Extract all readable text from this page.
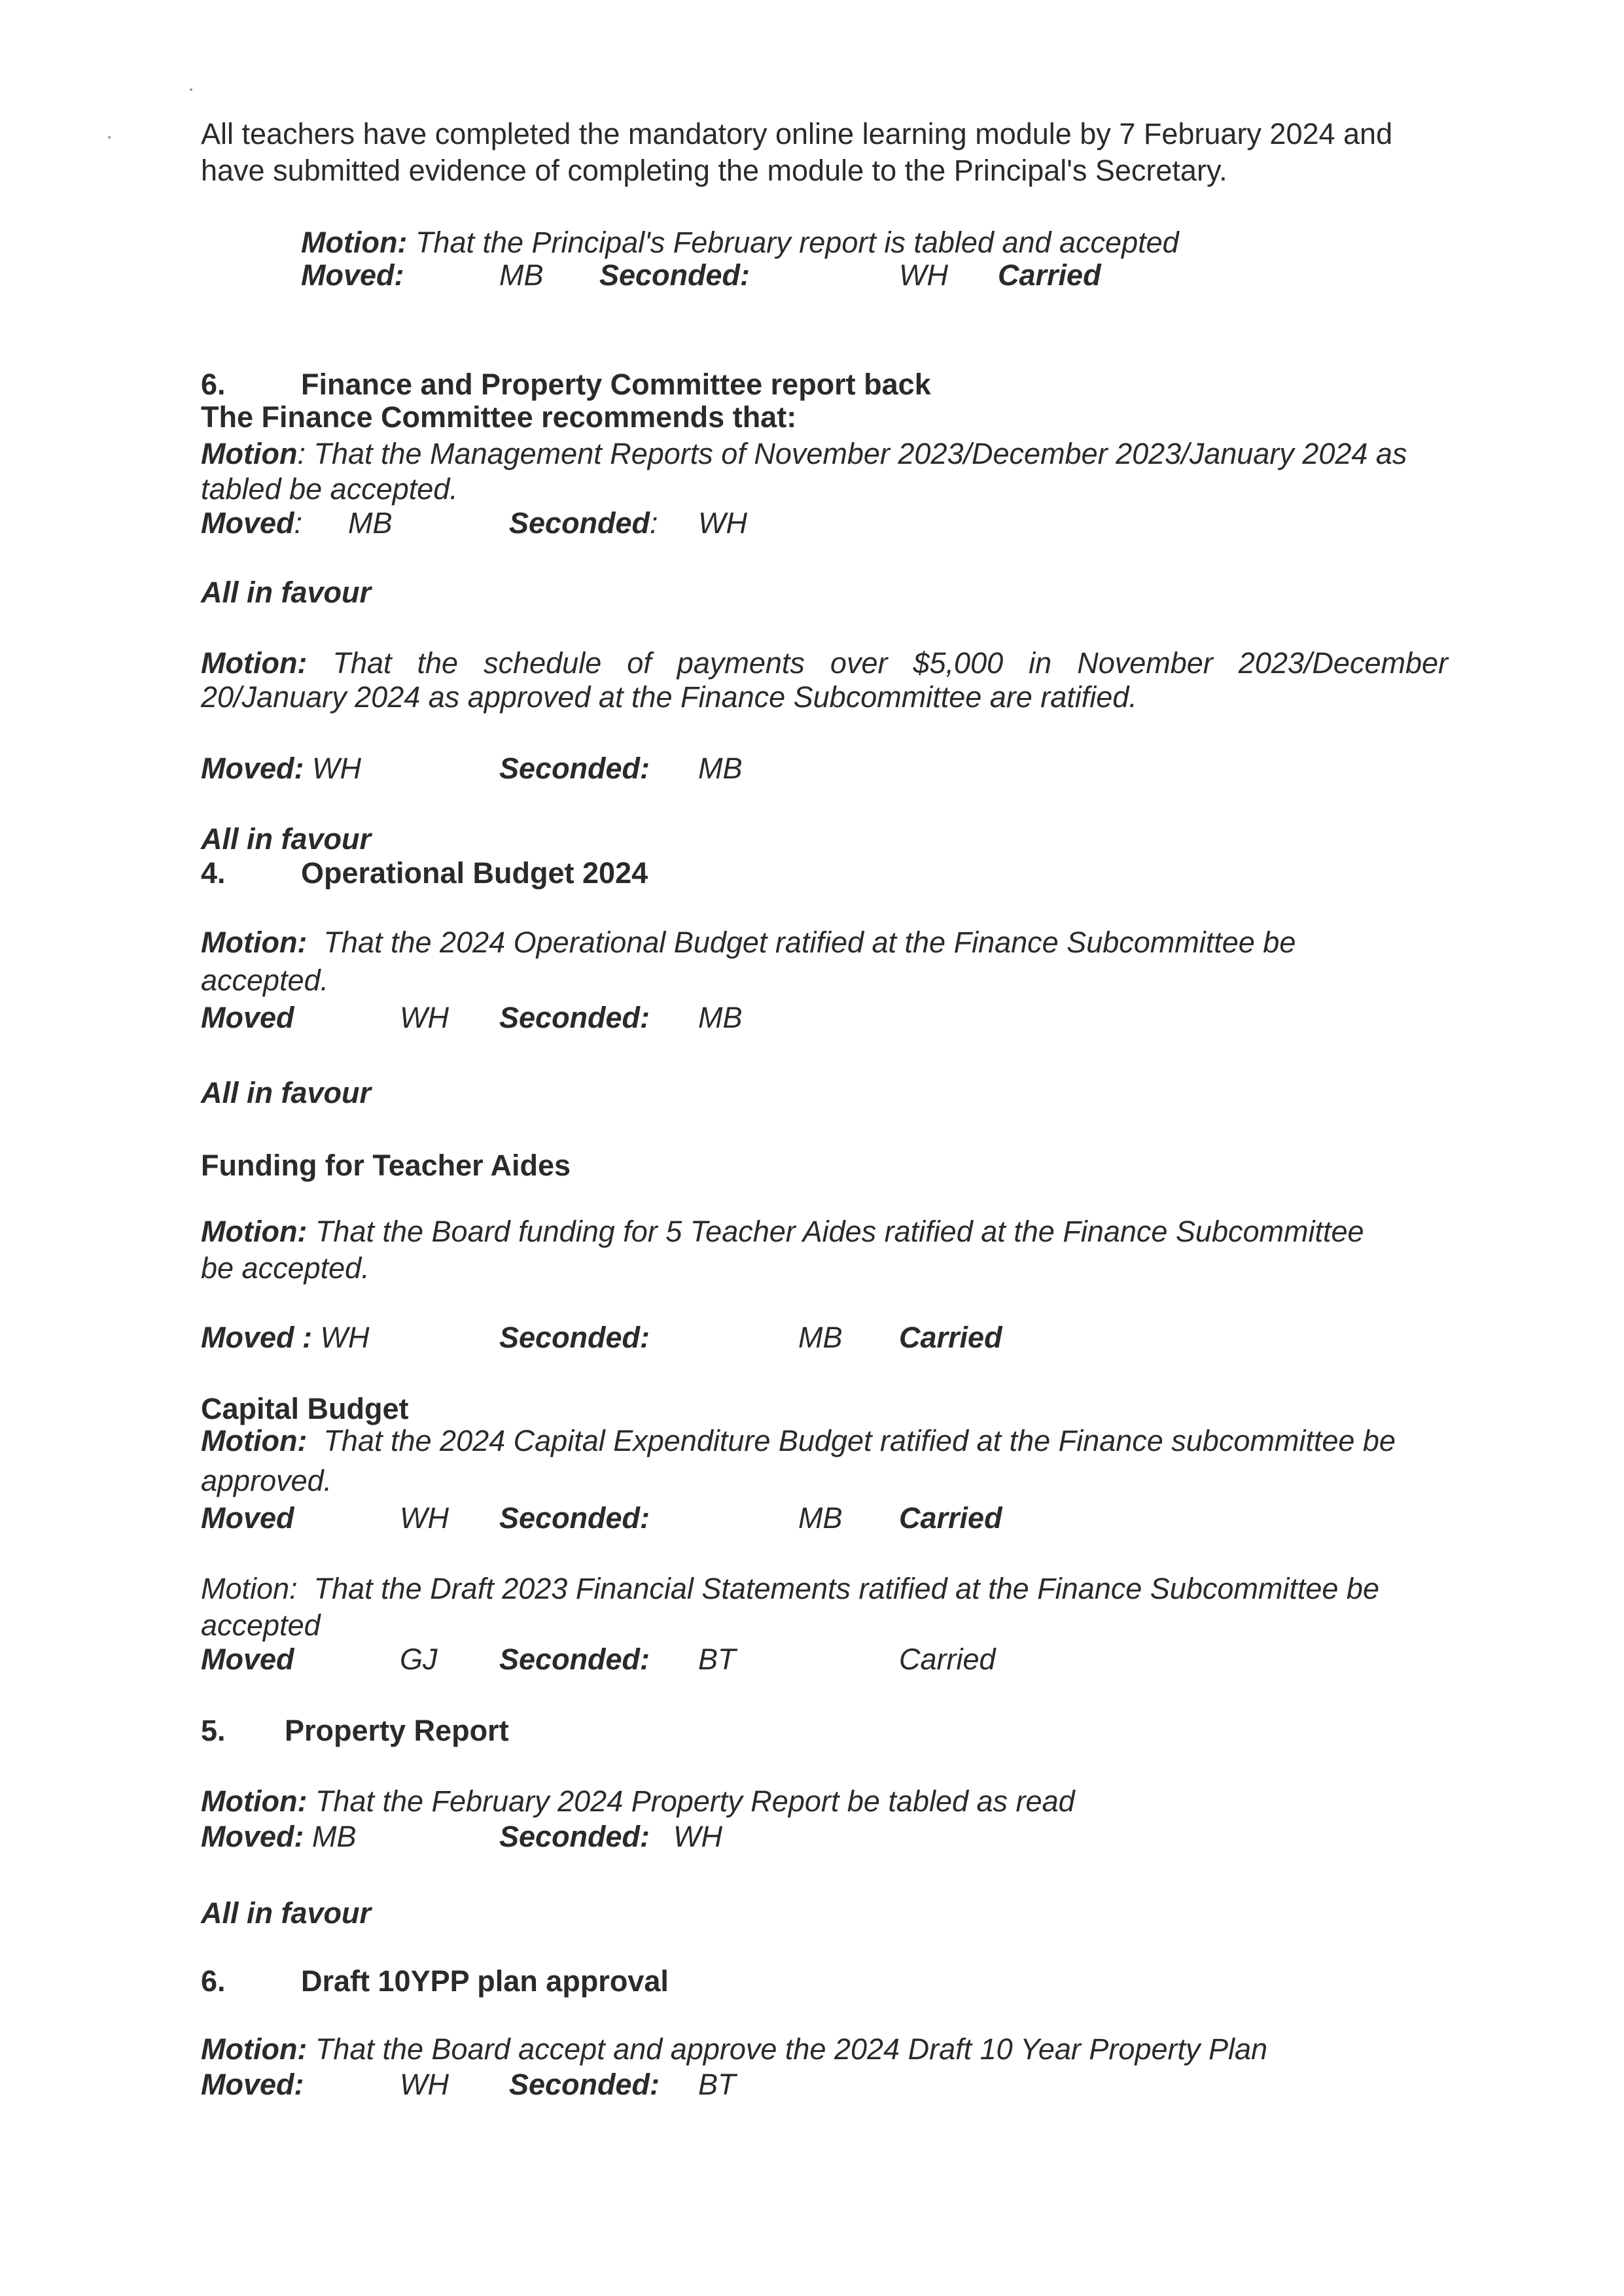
All teachers have completed the mandatory online learning module by 7 February 2024 and
have submitted evidence of completing the module to the Principal's Secretary.
Motion: That the Principal's February report is tabled and accepted
Moved:	MB Seconded:	WH Carried
6.	Finance and Property Committee report back
The Finance Committee recommends that:
Motion: That the Management Reports of November 2023/December 2023/January 2024 as
tabled be accepted.
Moved: MB	Seconded: WH
All in favour
Motion: That the schedule of payments over $5,000 in November 2023/December
20/January 2024 as approved at the Finance Subcommittee are ratified.
Moved: WH	Seconded: MB
All in favour
4.	Operational Budget 2024
Motion: That the 2024 Operational Budget ratified at the Finance Subcommittee be
accepted.
Moved	WH Seconded: MB
All in favour
Funding for Teacher Aides
Motion: That the Board funding for 5 Teacher Aides ratified at the Finance Subcommittee
be accepted.
Moved : WH	Seconded:	MB Carried
Capital Budget
Motion: That the 2024 Capital Expenditure Budget ratified at the Finance subcommittee be
approved.
Moved	WH Seconded:	MB Carried
Motion: That the Draft 2023 Financial Statements ratified at the Finance Subcommittee be
accepted
Moved	GJ Seconded: BT	Carried
5. Property Report
Motion: That the February 2024 Property Report be tabled as read
Moved: MB	Seconded: WH
All in favour
6.	Draft 10YPP plan approval
Motion: That the Board accept and approve the 2024 Draft 10 Year Property Plan
Moved:	WH Seconded: BT
